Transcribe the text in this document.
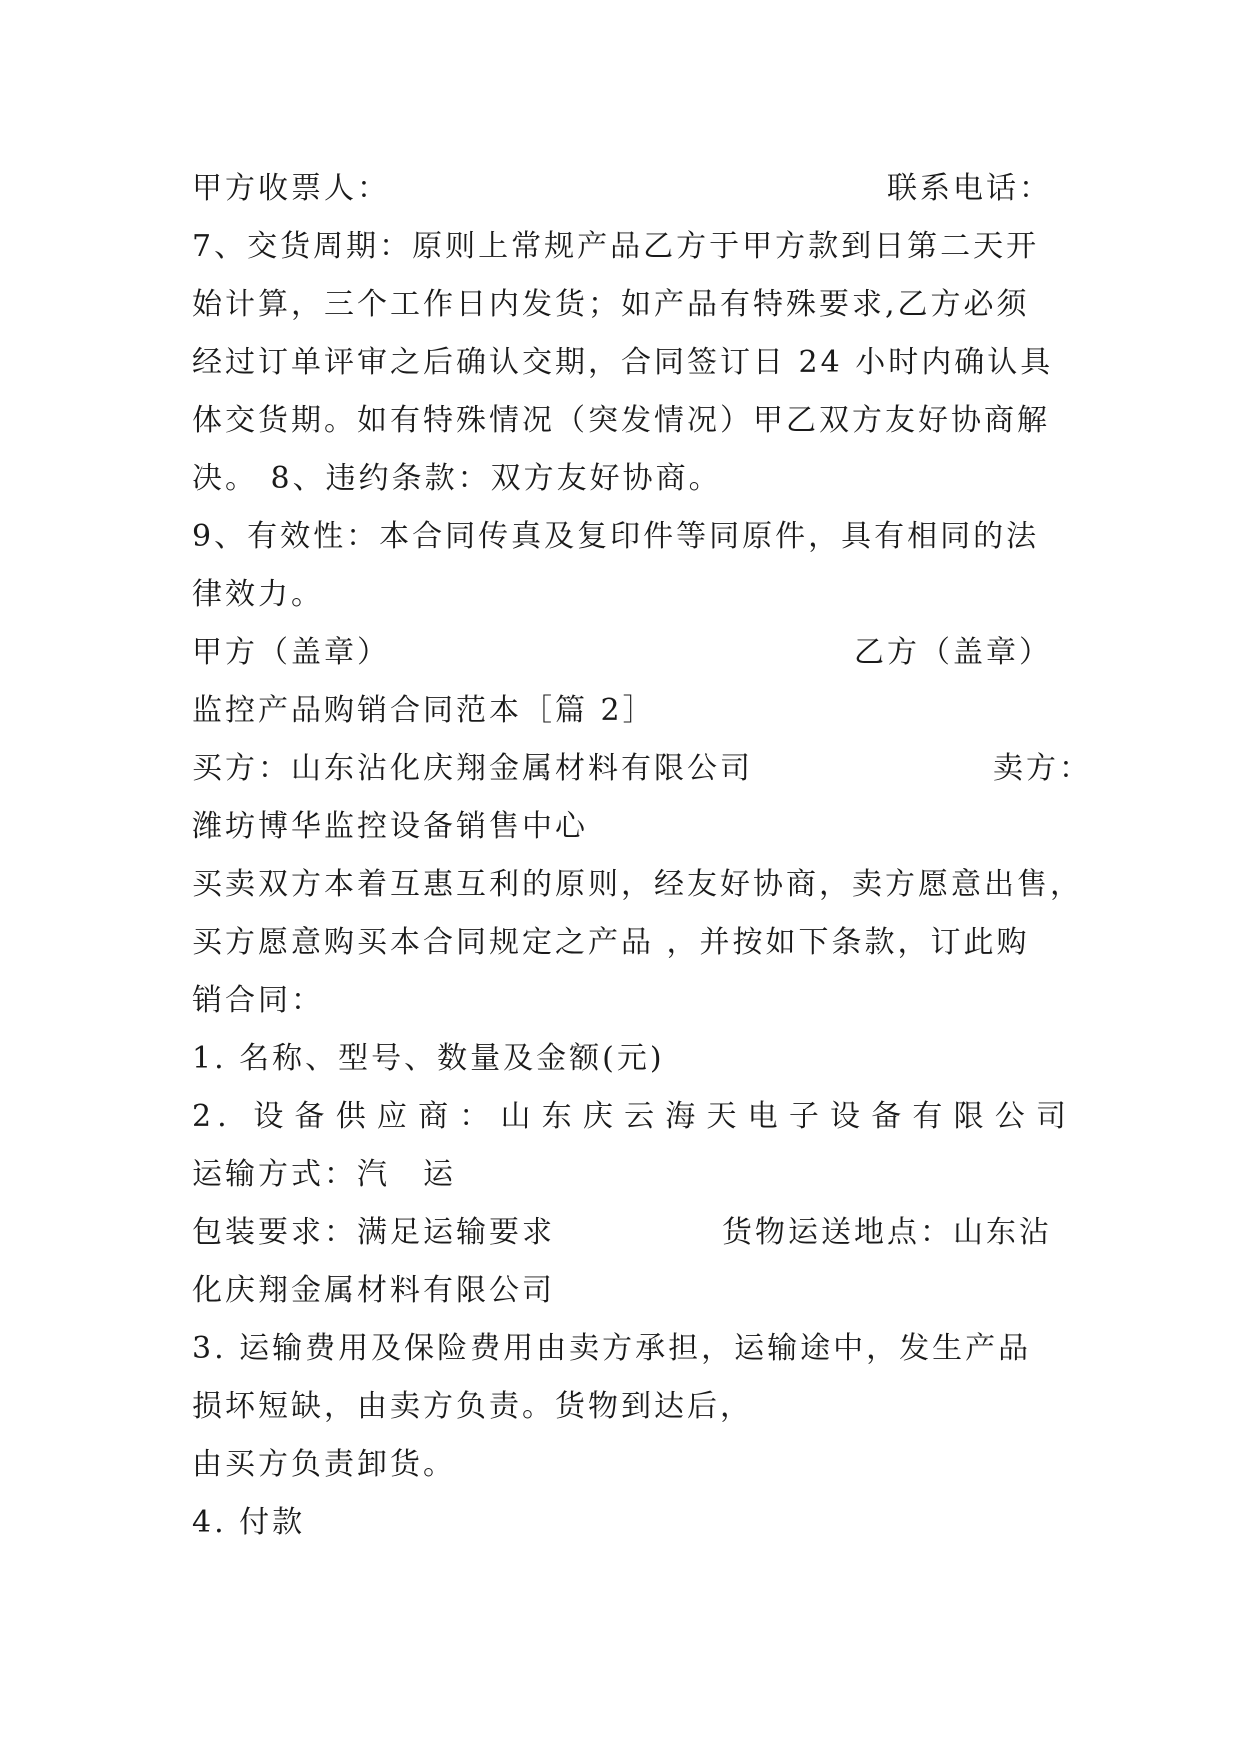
甲方收票人：	联系电话：
7、交货周期：原则上常规产品乙方于甲方款到日第二天开
始计算，三个工作日内发货；如产品有特殊要求,乙方必须
经过订单评审之后确认交期，合同签订日 24 小时内确认具
体交货期。如有特殊情况（突发情况）甲乙双方友好协商解
决。 8、违约条款：双方友好协商。
9、有效性：本合同传真及复印件等同原件，具有相同的法
律效力。
甲方（盖章）	乙方（盖章）
监控产品购销合同范本［篇 2］
买方：山东沾化庆翔金属材料有限公司	卖方：
潍坊博华监控设备销售中心
买卖双方本着互惠互利的原则，经友好协商，卖方愿意出售，
买方愿意购买本合同规定之产品 ，并按如下条款，订此购
销合同：
1. 名称、型号、数量及金额(元)
2. 设备供应商：山东庆云海天电子设备有限公司
运输方式：汽　运
包装要求：满足运输要求	货物运送地点：山东沾
化庆翔金属材料有限公司
3. 运输费用及保险费用由卖方承担，运输途中，发生产品
损坏短缺，由卖方负责。货物到达后，
由买方负责卸货。
4. 付款
